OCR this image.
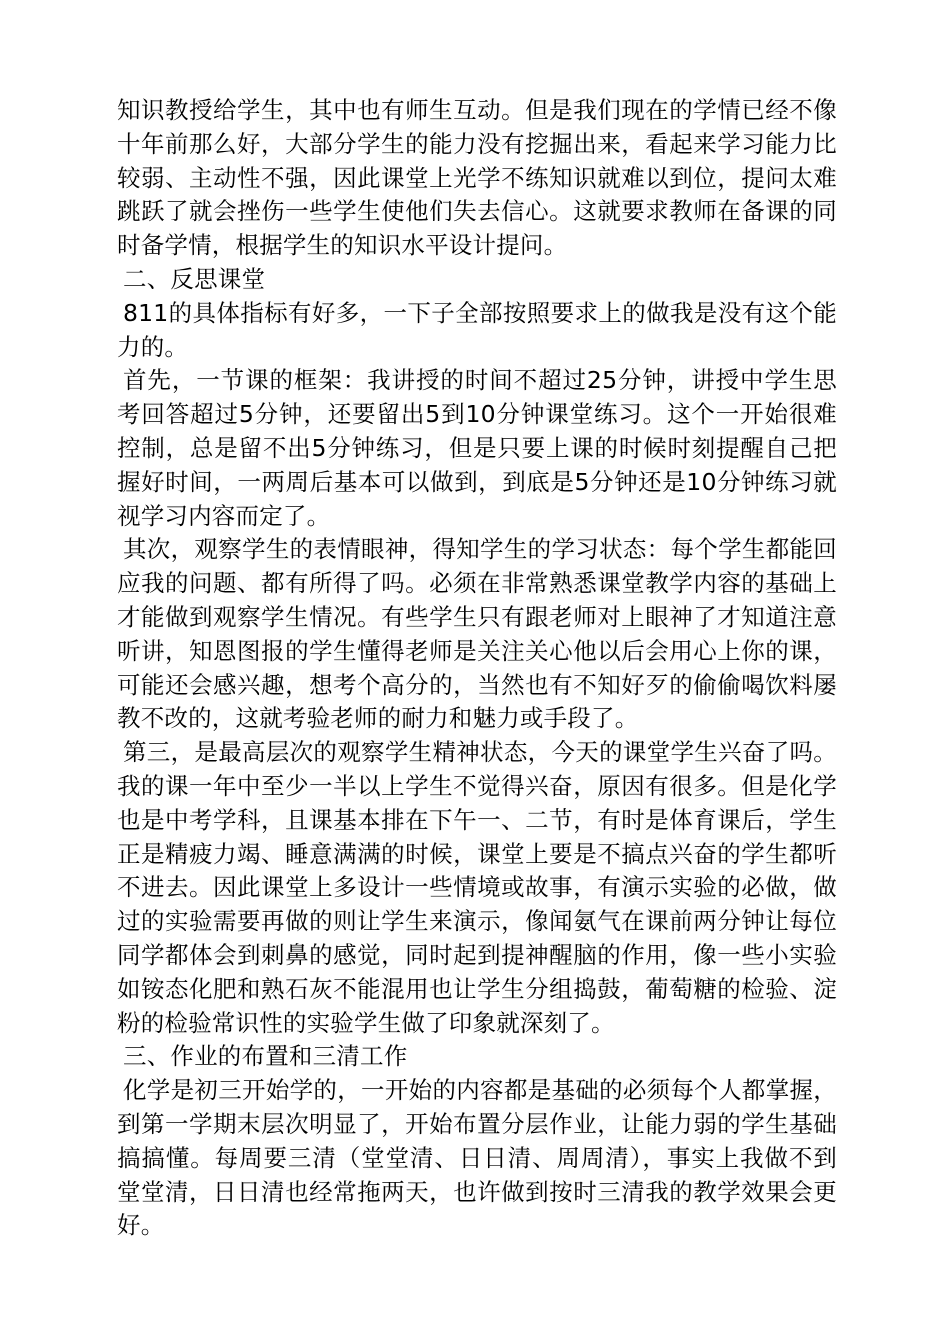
知识教授给学生，其中也有师生互动。但是我们现在的学情已经不像十年前那么好，大部分学生的能力没有挖掘出来，看起来学习能力比较弱、主动性不强，因此课堂上光学不练知识就难以到位，提问太难跳跃了就会挫伤一些学生使他们失去信心。这就要求教师在备课的同时备学情，根据学生的知识水平设计提问。

二、反思课堂

811的具体指标有好多，一下子全部按照要求上的做我是没有这个能力的。

首先，一节课的框架：我讲授的时间不超过25分钟，讲授中学生思考回答超过5分钟，还要留出5到10分钟课堂练习。这个一开始很难控制，总是留不出5分钟练习，但是只要上课的时候时刻提醒自己把握好时间，一两周后基本可以做到，到底是5分钟还是10分钟练习就视学习内容而定了。

其次，观察学生的表情眼神，得知学生的学习状态：每个学生都能回应我的问题、都有所得了吗。必须在非常熟悉课堂教学内容的基础上才能做到观察学生情况。有些学生只有跟老师对上眼神了才知道注意听讲，知恩图报的学生懂得老师是关注关心他以后会用心上你的课，可能还会感兴趣，想考个高分的，当然也有不知好歹的偷偷喝饮料屡教不改的，这就考验老师的耐力和魅力或手段了。

第三，是最高层次的观察学生精神状态，今天的课堂学生兴奋了吗。我的课一年中至少一半以上学生不觉得兴奋，原因有很多。但是化学也是中考学科，且课基本排在下午一、二节，有时是体育课后，学生正是精疲力竭、睡意满满的时候，课堂上要是不搞点兴奋的学生都听不进去。因此课堂上多设计一些情境或故事，有演示实验的必做，做过的实验需要再做的则让学生来演示，像闻氨气在课前两分钟让每位同学都体会到刺鼻的感觉，同时起到提神醒脑的作用，像一些小实验如铵态化肥和熟石灰不能混用也让学生分组捣鼓，葡萄糖的检验、淀粉的检验常识性的实验学生做了印象就深刻了。

三、作业的布置和三清工作

化学是初三开始学的，一开始的内容都是基础的必须每个人都掌握，到第一学期末层次明显了，开始布置分层作业，让能力弱的学生基础搞搞懂。每周要三清（堂堂清、日日清、周周清），事实上我做不到堂堂清，日日清也经常拖两天，也许做到按时三清我的教学效果会更好。
